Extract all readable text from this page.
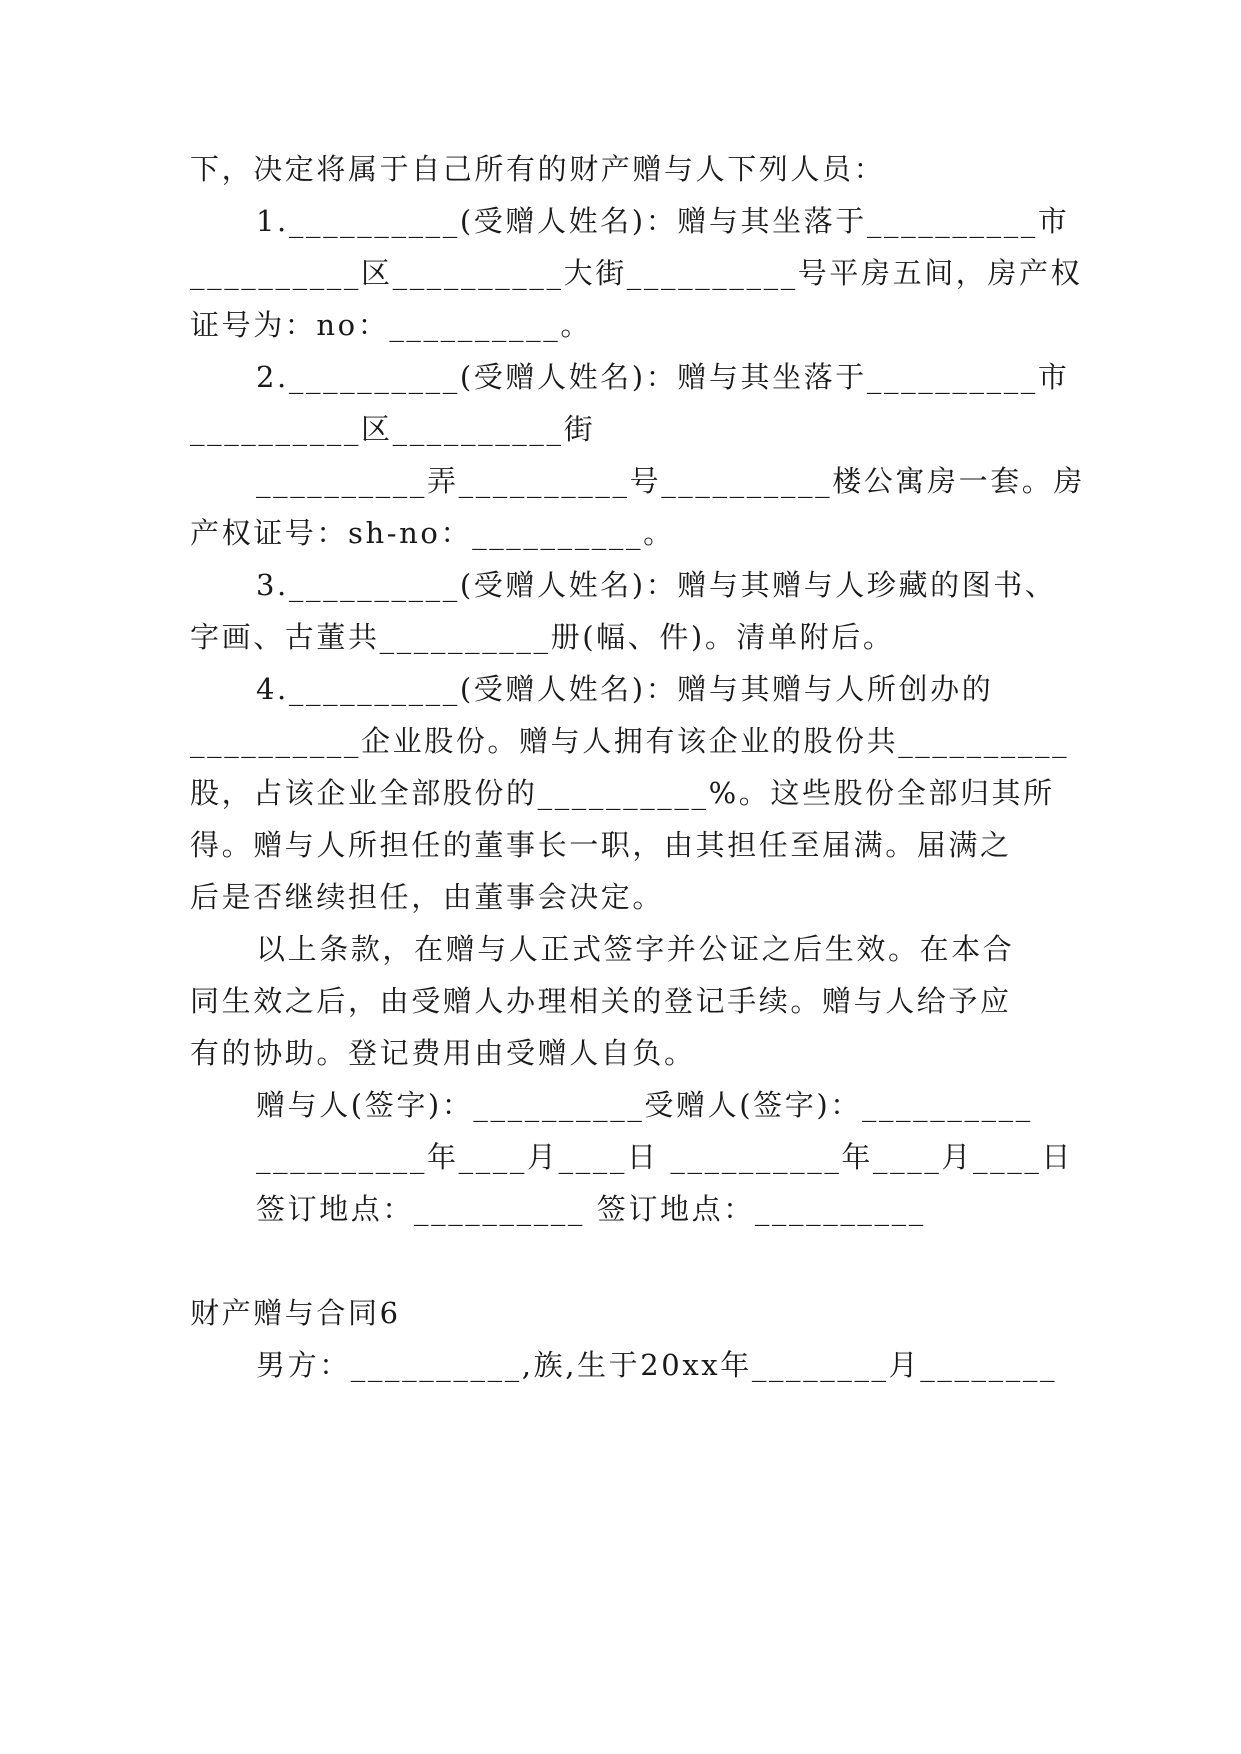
下，决定将属于自己所有的财产赠与人下列人员：
1.__________(受赠人姓名)：赠与其坐落于__________市
__________区__________大街__________号平房五间，房产权
证号为：no：__________。
2.__________(受赠人姓名)：赠与其坐落于__________市
__________区__________街
__________弄__________号__________楼公寓房一套。房
产权证号：sh-no：__________。
3.__________(受赠人姓名)：赠与其赠与人珍藏的图书、
字画、古董共__________册(幅、件)。清单附后。
4.__________(受赠人姓名)：赠与其赠与人所创办的
__________企业股份。赠与人拥有该企业的股份共__________
股，占该企业全部股份的__________%。这些股份全部归其所
得。赠与人所担任的董事长一职，由其担任至届满。届满之
后是否继续担任，由董事会决定。
以上条款，在赠与人正式签字并公证之后生效。在本合
同生效之后，由受赠人办理相关的登记手续。赠与人给予应
有的协助。登记费用由受赠人自负。
赠与人(签字)：__________受赠人(签字)：__________
__________年____月____日 __________年____月____日
签订地点：__________ 签订地点：__________
财产赠与合同6
男方：__________,族,生于20xx年________月________
